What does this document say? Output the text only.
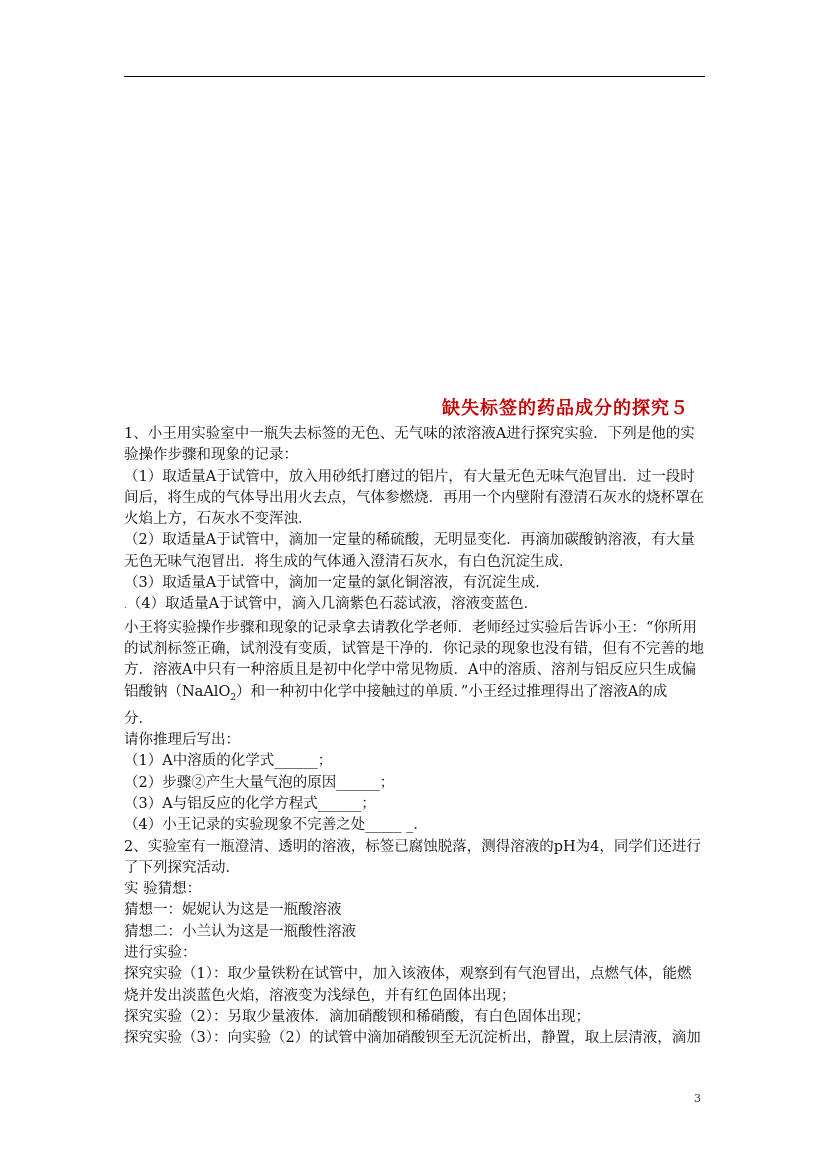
缺失标签的药品成分的探究５

1、小王用实验室中一瓶失去标签的无色、无气味的浓溶液A进行探究实验．下列是他的实

验操作步骤和现象的记录：

（1）取适量A于试管中，放入用砂纸打磨过的铝片，有大量无色无味气泡冒出．过一段时

间后，将生成的气体导出用火去点，气体参燃烧．再用一个内壁附有澄清石灰水的烧杯罩在

火焰上方，石灰水不变浑浊．

（2）取适量A于试管中，滴加一定量的稀硫酸，无明显变化．再滴加碳酸钠溶液，有大量

无色无味气泡冒出．将生成的气体通入澄清石灰水，有白色沉淀生成．

（3）取适量A于试管中，滴加一定量的氯化铜溶液，有沉淀生成．

.（4）取适量A于试管中，滴入几滴紫色石蕊试液，溶液变蓝色．

小王将实验操作步骤和现象的记录拿去请教化学老师．老师经过实验后告诉小王：“你所用

的试剂标签正确，试剂没有变质，试管是干净的．你记录的现象也没有错，但有不完善的地

方．溶液A中只有一种溶质且是初中化学中常见物质．A中的溶质、溶剂与铝反应只生成偏

铝酸钠（NaAlO$_2$）和一种初中化学中接触过的单质．”小王经过推理得出了溶液A的成

分．

请你推理后写出：

（1）A中溶质的化学式______；

（2）步骤②产生大量气泡的原因______；

（3）A与铝反应的化学方程式______；

（4）小王记录的实验现象不完善之处_____ _．

2、实验室有一瓶澄清、透明的溶液，标签已腐蚀脱落，测得溶液的pH为4，同学们还进行

了下列探究活动．

实 验猜想：

猜想一：妮妮认为这是一瓶酸溶液

猜想二：小兰认为这是一瓶酸性溶液

进行实验：

探究实验（1）：取少量铁粉在试管中，加入该液体，观察到有气泡冒出，点燃气体，能燃

烧并发出淡蓝色火焰，溶液变为浅绿色，并有红色固体出现；

探究实验（2）：另取少量液体．滴加硝酸钡和稀硝酸，有白色固体出现；

探究实验（3）：向实验（2）的试管中滴加硝酸钡至无沉淀析出，静置，取上层清液，滴加

3
